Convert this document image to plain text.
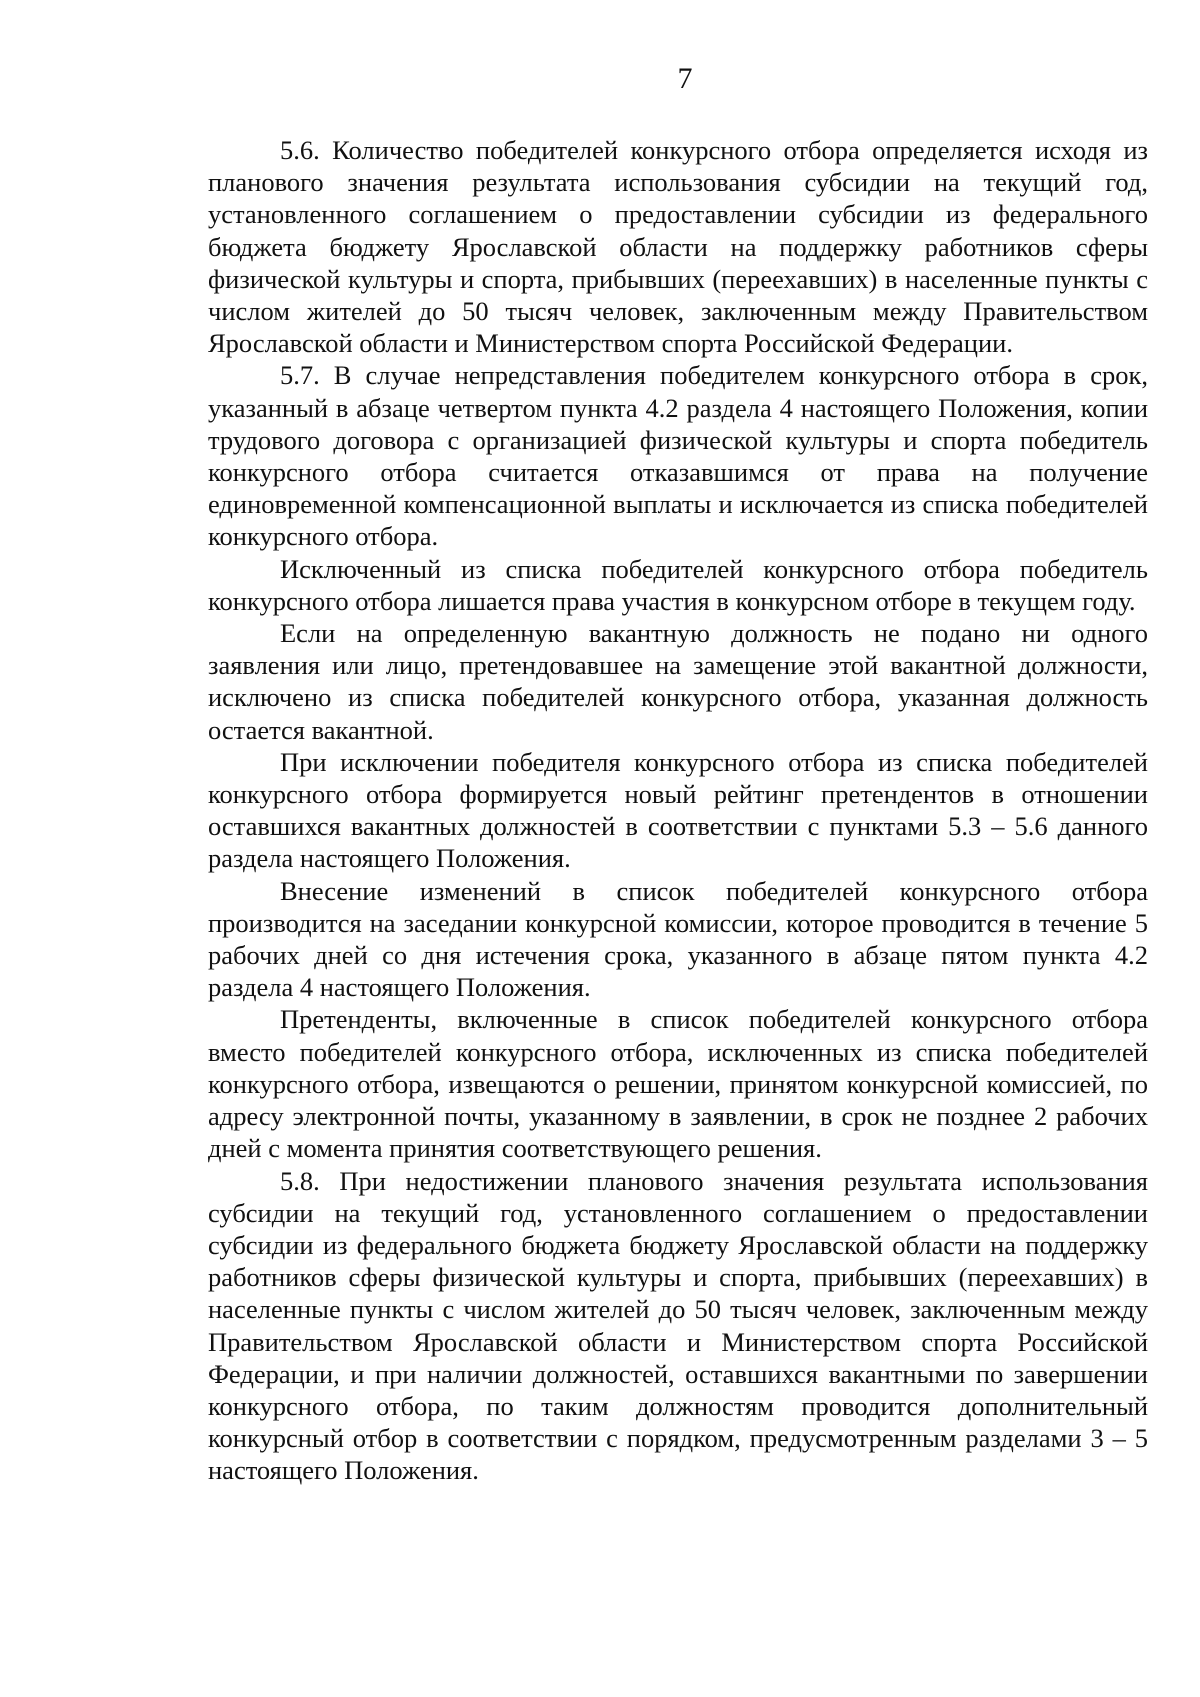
7

5.6. Количество победителей конкурсного отбора определяется исходя из планового значения результата использования субсидии на текущий год, установленного соглашением о предоставлении субсидии из федерального бюджета бюджету Ярославской области на поддержку работников сферы физической культуры и спорта, прибывших (переехавших) в населенные пункты с числом жителей до 50 тысяч человек, заключенным между Правительством Ярославской области и Министерством спорта Российской Федерации.

5.7. В случае непредставления победителем конкурсного отбора в срок, указанный в абзаце четвертом пункта 4.2 раздела 4 настоящего Положения, копии трудового договора с организацией физической культуры и спорта победитель конкурсного отбора считается отказавшимся от права на получение единовременной компенсационной выплаты и исключается из списка победителей конкурсного отбора.

Исключенный из списка победителей конкурсного отбора победитель конкурсного отбора лишается права участия в конкурсном отборе в текущем году.

Если на определенную вакантную должность не подано ни одного заявления или лицо, претендовавшее на замещение этой вакантной должности, исключено из списка победителей конкурсного отбора, указанная должность остается вакантной.

При исключении победителя конкурсного отбора из списка победителей конкурсного отбора формируется новый рейтинг претендентов в отношении оставшихся вакантных должностей в соответствии с пунктами 5.3 – 5.6 данного раздела настоящего Положения.

Внесение изменений в список победителей конкурсного отбора производится на заседании конкурсной комиссии, которое проводится в течение 5 рабочих дней со дня истечения срока, указанного в абзаце пятом пункта 4.2 раздела 4 настоящего Положения.

Претенденты, включенные в список победителей конкурсного отбора вместо победителей конкурсного отбора, исключенных из списка победителей конкурсного отбора, извещаются о решении, принятом конкурсной комиссией, по адресу электронной почты, указанному в заявлении, в срок не позднее 2 рабочих дней с момента принятия соответствующего решения.

5.8. При недостижении планового значения результата использования субсидии на текущий год, установленного соглашением о предоставлении субсидии из федерального бюджета бюджету Ярославской области на поддержку работников сферы физической культуры и спорта, прибывших (переехавших) в населенные пункты с числом жителей до 50 тысяч человек, заключенным между Правительством Ярославской области и Министерством спорта Российской Федерации, и при наличии должностей, оставшихся вакантными по завершении конкурсного отбора, по таким должностям проводится дополнительный конкурсный отбор в соответствии с порядком, предусмотренным разделами 3 – 5 настоящего Положения.
